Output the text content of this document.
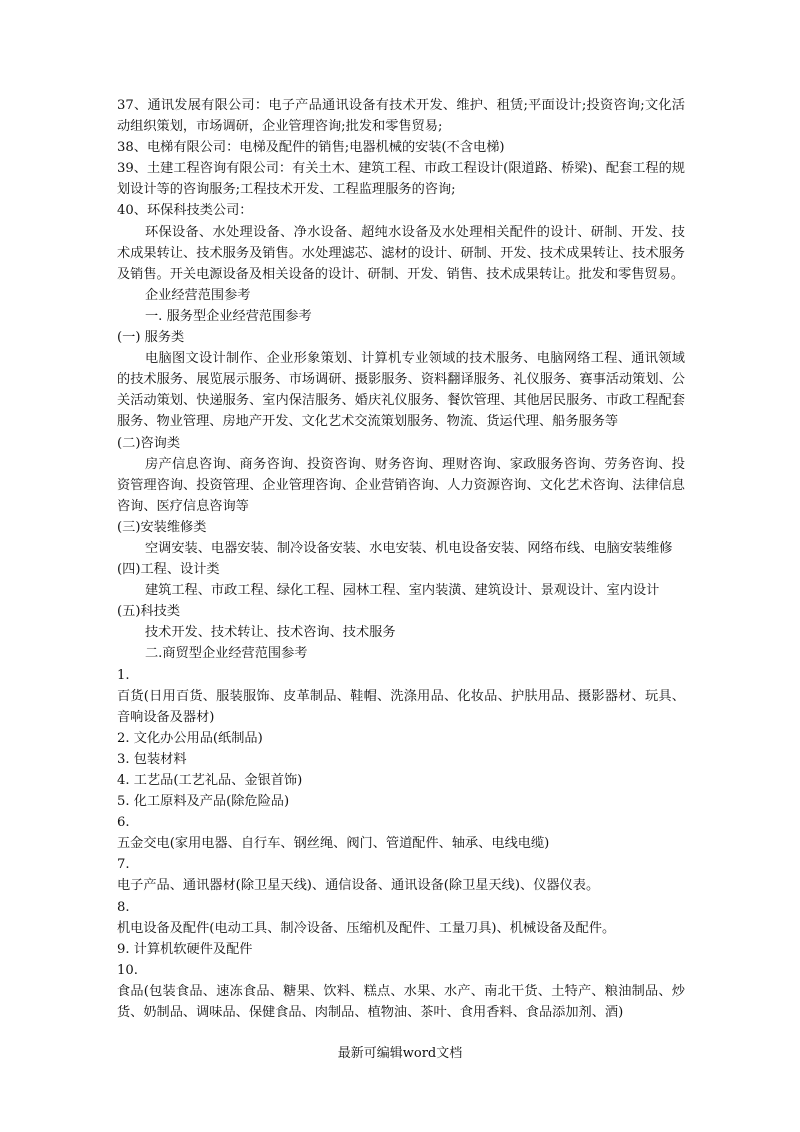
37、通讯发展有限公司：电子产品通讯设备有技术开发、维护、租赁;平面设计;投资咨询;文化活动组织策划，市场调研，企业管理咨询;批发和零售贸易;

38、电梯有限公司：电梯及配件的销售;电器机械的安装(不含电梯)

39、土建工程咨询有限公司：有关土木、建筑工程、市政工程设计(限道路、桥梁)、配套工程的规划设计等的咨询服务;工程技术开发、工程监理服务的咨询;

40、环保科技类公司：

环保设备、水处理设备、净水设备、超纯水设备及水处理相关配件的设计、研制、开发、技术成果转让、技术服务及销售。水处理滤芯、滤材的设计、研制、开发、技术成果转让、技术服务及销售。开关电源设备及相关设备的设计、研制、开发、销售、技术成果转让。批发和零售贸易。

企业经营范围参考

一. 服务型企业经营范围参考

(一) 服务类

电脑图文设计制作、企业形象策划、计算机专业领域的技术服务、电脑网络工程、通讯领域的技术服务、展览展示服务、市场调研、摄影服务、资料翻译服务、礼仪服务、赛事活动策划、公关活动策划、快递服务、室内保洁服务、婚庆礼仪服务、餐饮管理、其他居民服务、市政工程配套服务、物业管理、房地产开发、文化艺术交流策划服务、物流、货运代理、船务服务等

(二)咨询类

房产信息咨询、商务咨询、投资咨询、财务咨询、理财咨询、家政服务咨询、劳务咨询、投资管理咨询、投资管理、企业管理咨询、企业营销咨询、人力资源咨询、文化艺术咨询、法律信息咨询、医疗信息咨询等

(三)安装维修类

空调安装、电器安装、制冷设备安装、水电安装、机电设备安装、网络布线、电脑安装维修

(四)工程、设计类

建筑工程、市政工程、绿化工程、园林工程、室内装潢、建筑设计、景观设计、室内设计

(五)科技类

技术开发、技术转让、技术咨询、技术服务

二.商贸型企业经营范围参考

1.

百货(日用百货、服装服饰、皮革制品、鞋帽、洗涤用品、化妆品、护肤用品、摄影器材、玩具、音响设备及器材)

2. 文化办公用品(纸制品)

3. 包装材料

4. 工艺品(工艺礼品、金银首饰)

5. 化工原料及产品(除危险品)

6.

五金交电(家用电器、自行车、钢丝绳、阀门、管道配件、轴承、电线电缆)

7.

电子产品、通讯器材(除卫星天线)、通信设备、通讯设备(除卫星天线)、仪器仪表。

8.

机电设备及配件(电动工具、制冷设备、压缩机及配件、工量刀具)、机械设备及配件。

9. 计算机软硬件及配件

10.

食品(包装食品、速冻食品、糖果、饮料、糕点、水果、水产、南北干货、土特产、粮油制品、炒货、奶制品、调味品、保健食品、肉制品、植物油、茶叶、食用香料、食品添加剂、酒)

最新可编辑word文档
